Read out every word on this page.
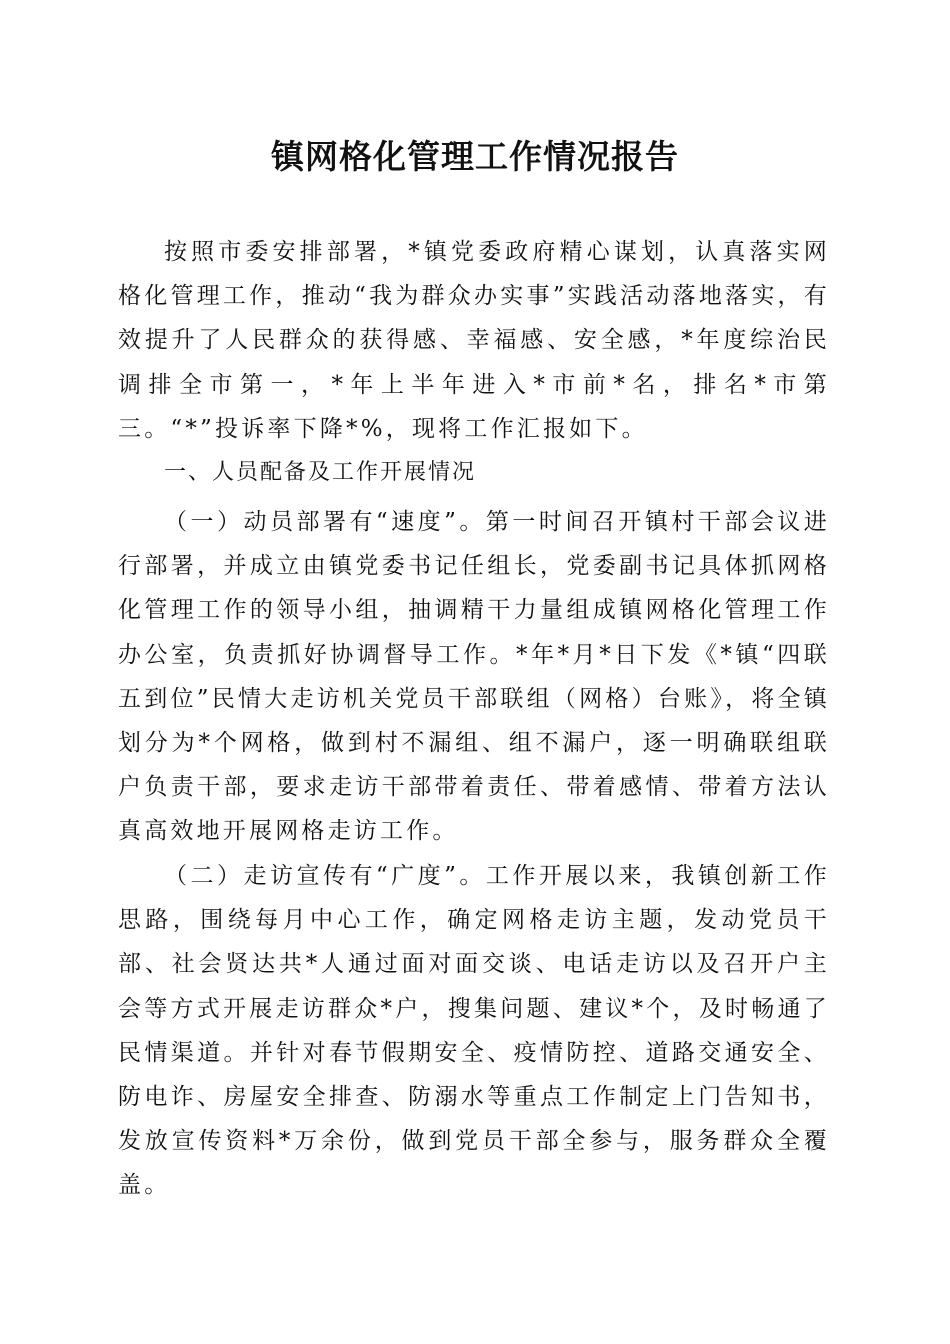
镇网格化管理工作情况报告

按照市委安排部署，*镇党委政府精心谋划，认真落实网格化管理工作，推动“我为群众办实事”实践活动落地落实，有效提升了人民群众的获得感、幸福感、安全感，*年度综治民调排全市第一，*年上半年进入*市前*名，排名*市第三。“*”投诉率下降*%，现将工作汇报如下。

一、人员配备及工作开展情况

（一）动员部署有“速度”。第一时间召开镇村干部会议进行部署，并成立由镇党委书记任组长，党委副书记具体抓网格化管理工作的领导小组，抽调精干力量组成镇网格化管理工作办公室，负责抓好协调督导工作。*年*月*日下发《*镇“四联五到位”民情大走访机关党员干部联组（网格）台账》，将全镇划分为*个网格，做到村不漏组、组不漏户，逐一明确联组联户负责干部，要求走访干部带着责任、带着感情、带着方法认真高效地开展网格走访工作。

（二）走访宣传有“广度”。工作开展以来，我镇创新工作思路，围绕每月中心工作，确定网格走访主题，发动党员干部、社会贤达共*人通过面对面交谈、电话走访以及召开户主会等方式开展走访群众*户，搜集问题、建议*个，及时畅通了民情渠道。并针对春节假期安全、疫情防控、道路交通安全、防电诈、房屋安全排查、防溺水等重点工作制定上门告知书，发放宣传资料*万余份，做到党员干部全参与，服务群众全覆盖。
